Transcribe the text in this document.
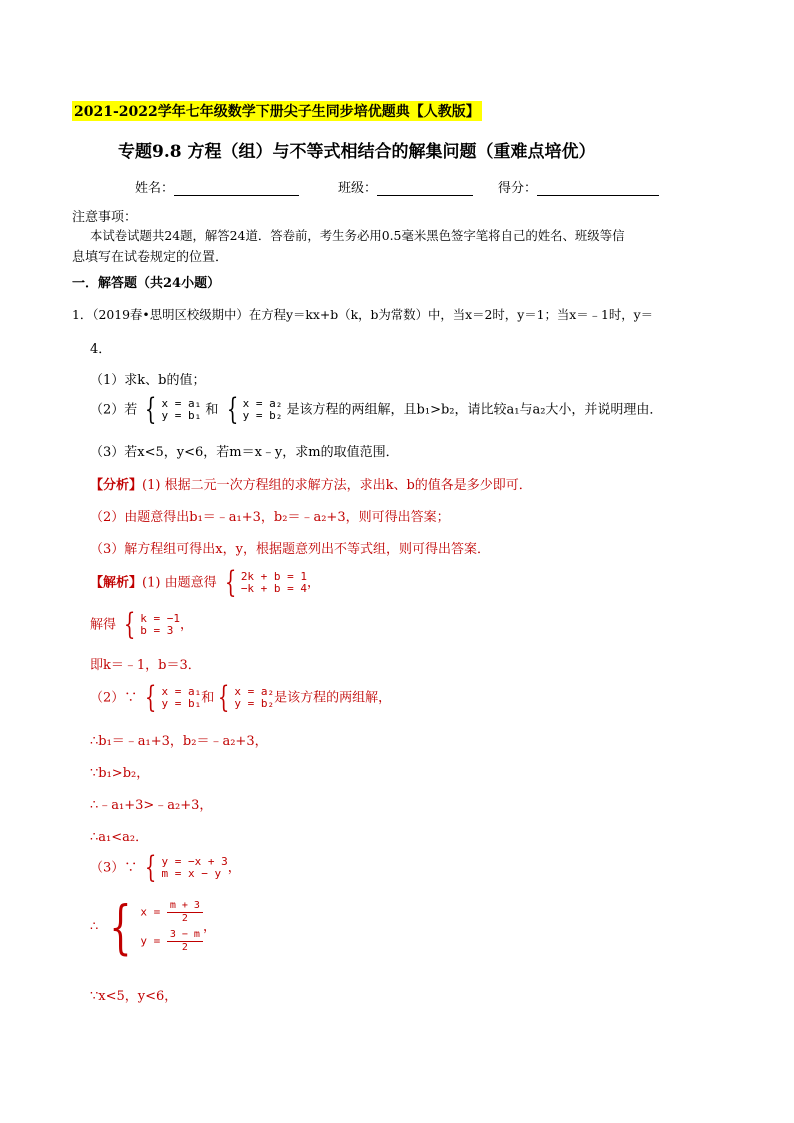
2021-2022学年七年级数学下册尖子生同步培优题典【人教版】
专题9.8 方程（组）与不等式相结合的解集问题（重难点培优）
姓名：	班级：	得分：
注意事项：
本试卷试题共24题，解答24道．答卷前，考生务必用0.5毫米黑色签字笔将自己的姓名、班级等信
息填写在试卷规定的位置．
一．解答题（共24小题）
1．（2019春•思明区校级期中）在方程y＝kx+b（k，b为常数）中，当x＝2时，y＝1；当x＝﹣1时，y＝
4．
（1）求k、b的值；
（2）若 { x = a₁
y = b₁ 和 { x = a₂
y = b₂ 是该方程的两组解，且b₁>b₂，请比较a₁与a₂大小，并说明理由．
（3）若x<5，y<6，若m＝x﹣y，求m的取值范围．
【分析】(1) 根据二元一次方程组的求解方法，求出k、b的值各是多少即可．
（2）由题意得出b₁＝﹣a₁+3，b₂＝﹣a₂+3，则可得出答案；
（3）解方程组可得出x，y，根据题意列出不等式组，则可得出答案．
【解析】(1) 由题意得 { 2k + b = 1
−k + b = 4 ，
解得 { k = −1
b = 3 ，
即k＝﹣1，b＝3．
（2）∵ { x = a₁
y = b₁ 和 { x = a₂
y = b₂ 是该方程的两组解，
∴b₁＝﹣a₁+3，b₂＝﹣a₂+3，
∵b₁>b₂，
∴﹣a₁+3>﹣a₂+3，
∴a₁<a₂．
（3）∵ { y = −x + 3
m = x − y ，
∴ { $x = \frac{m + 3}{2}$
$y = \frac{3 - m}{2}$
，
∵x<5，y<6，
